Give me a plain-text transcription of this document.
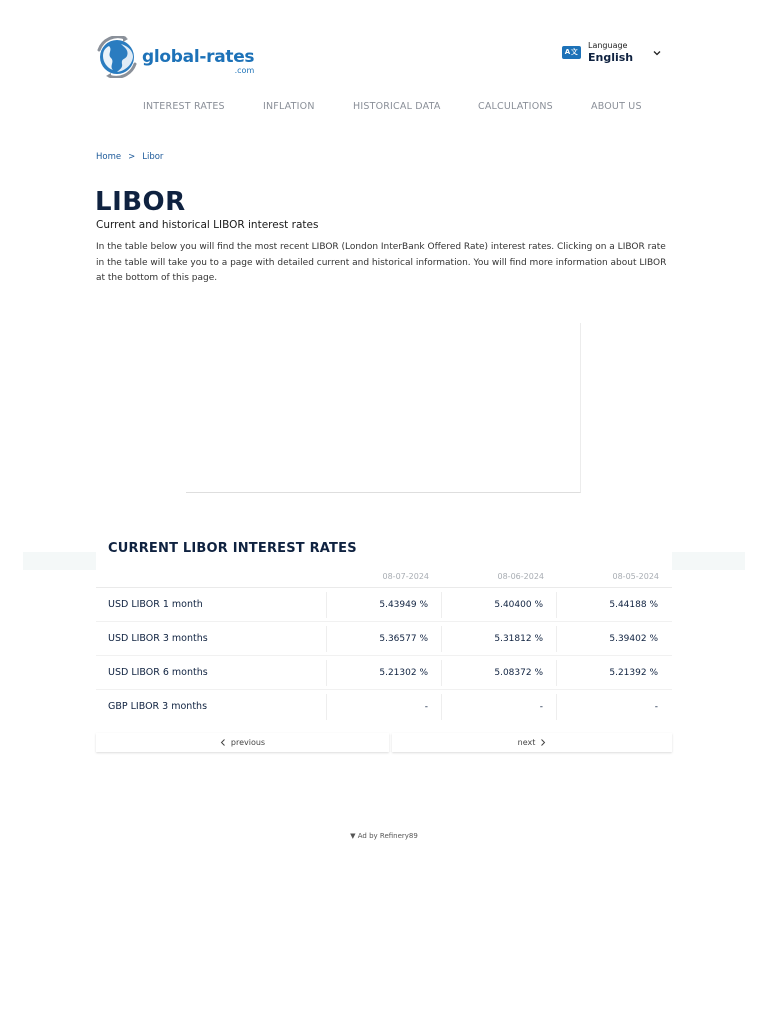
global-rates
.com
A文
Language
English
INTEREST RATES	INFLATION	HISTORICAL DATA	CALCULATIONS	ABOUT US
Home > Libor
LIBOR
Current and historical LIBOR interest rates
In the table below you will find the most recent LIBOR (London InterBank Offered Rate) interest rates. Clicking on a LIBOR rate in the table will take you to a page with detailed current and historical information. You will find more information about LIBOR at the bottom of this page.
CURRENT LIBOR INTEREST RATES
08-07-2024	08-06-2024	08-05-2024
USD LIBOR 1 month	5.43949 %	5.40400 %	5.44188 %
USD LIBOR 3 months	5.36577 %	5.31812 %	5.39402 %
USD LIBOR 6 months	5.21302 %	5.08372 %	5.21392 %
GBP LIBOR 3 months	-	-	-
previous	next
▼ Ad by Refinery89
